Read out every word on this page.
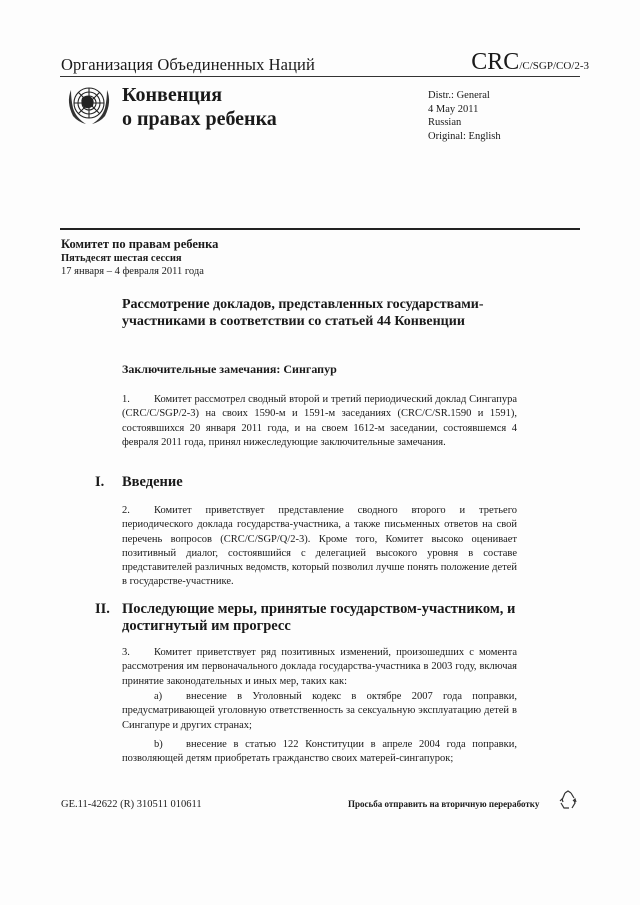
Организация Объединенных Наций	CRC/C/SGP/CO/2-3
Конвенция
о правах ребенка
Distr.: General
4 May 2011
Russian
Original: English
Комитет по правам ребенка
Пятьдесят шестая сессия
17 января – 4 февраля 2011 года
Рассмотрение докладов, представленных государствами-участниками в соответствии со статьей 44 Конвенции
Заключительные замечания: Сингапур
1. Комитет рассмотрел сводный второй и третий периодический доклад Сингапура (CRC/C/SGP/2-3) на своих 1590-м и 1591-м заседаниях (CRC/C/SR.1590 и 1591), состоявшихся 20 января 2011 года, и на своем 1612-м заседании, состоявшемся 4 февраля 2011 года, принял нижеследующие заключительные замечания.
I. Введение
2. Комитет приветствует представление сводного второго и третьего периодического доклада государства-участника, а также письменных ответов на свой перечень вопросов (CRC/C/SGP/Q/2-3). Кроме того, Комитет высоко оценивает позитивный диалог, состоявшийся с делегацией высокого уровня в составе представителей различных ведомств, который позволил лучше понять положение детей в государстве-участнике.
II. Последующие меры, принятые государством-участником, и достигнутый им прогресс
3. Комитет приветствует ряд позитивных изменений, произошедших с момента рассмотрения им первоначального доклада государства-участника в 2003 году, включая принятие законодательных и иных мер, таких как:
a) внесение в Уголовный кодекс в октябре 2007 года поправки, предусматривающей уголовную ответственность за сексуальную эксплуатацию детей в Сингапуре и других странах;
b) внесение в статью 122 Конституции в апреле 2004 года поправки, позволяющей детям приобретать гражданство своих матерей-сингапурок;
GE.11-42622 (R) 310511 010611	Просьба отправить на вторичную переработку
